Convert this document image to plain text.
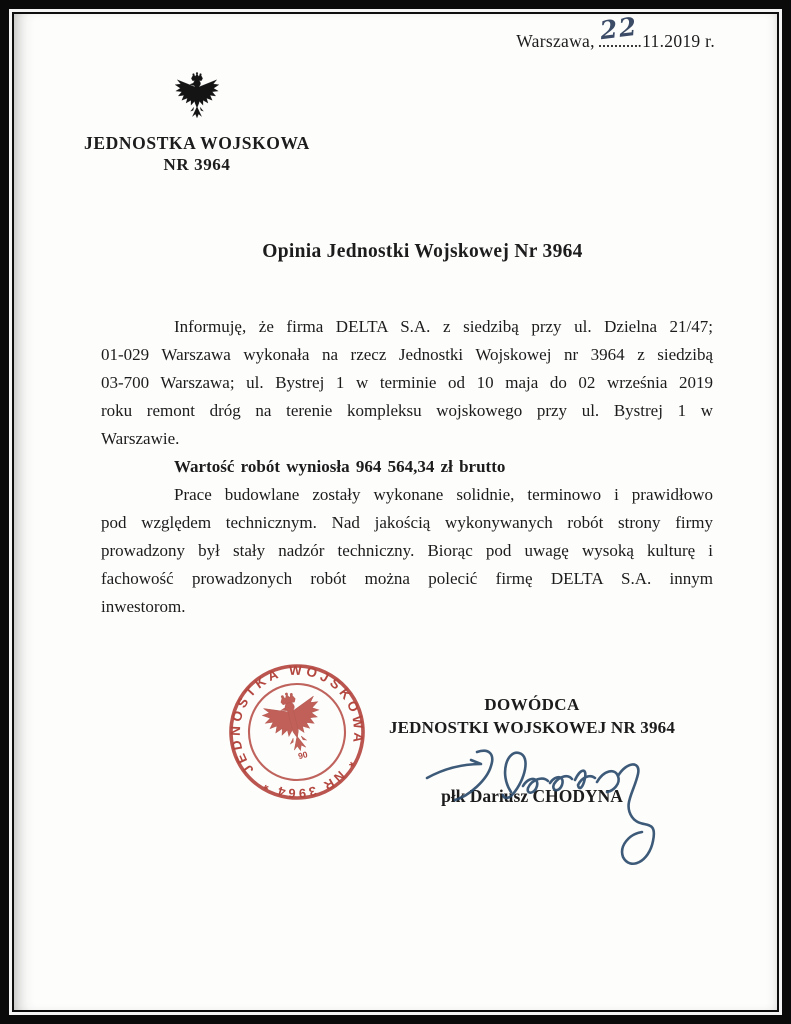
Warszawa, 22
.11.2019 r.
JEDNOSTKA WOJSKOWA
NR 3964
Opinia Jednostki Wojskowej Nr 3964

Informuję, że firma DELTA S.A. z siedzibą przy ul. Dzielna 21/47; 01-029 Warszawa wykonała na rzecz Jednostki Wojskowej nr 3964 z siedzibą 03-700 Warszawa; ul. Bystrej 1 w terminie od 10 maja do 02 września 2019 roku remont dróg na terenie kompleksu wojskowego przy ul. Bystrej 1 w Warszawie.

Wartość robót wyniosła 964 564,34 zł brutto

Prace budowlane zostały wykonane solidnie, terminowo i prawidłowo pod względem technicznym. Nad jakością wykonywanych robót strony firmy prowadzony był stały nadzór techniczny. Biorąc pod uwagę wysoką kulturę i fachowość prowadzonych robót można polecić firmę DELTA S.A. innym inwestorom.

JEDNOSTKA WOJSKOWA
* NR 3964 *
06
DOWÓDCA
JEDNOSTKI WOJSKOWEJ NR 3964
płk Dariusz CHODYNA
